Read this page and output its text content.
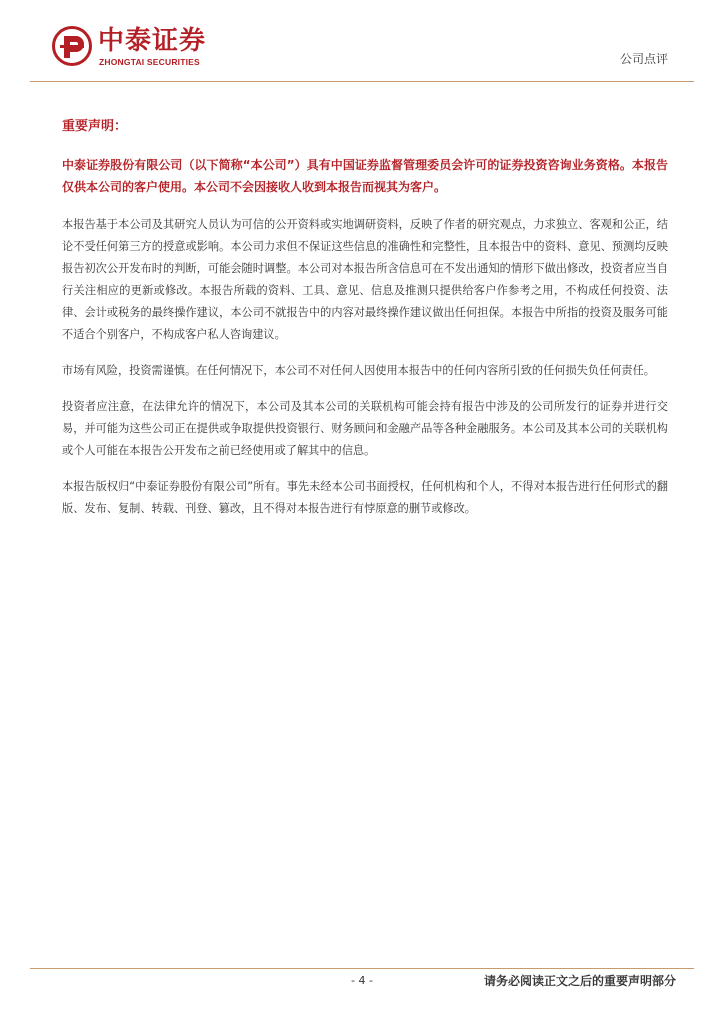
中泰证券
ZHONGTAI SECURITIES	公司点评
重要声明：

中泰证券股份有限公司（以下简称“本公司”）具有中国证券监督管理委员会许可的证券投资咨询业务资格。本报告仅供本公司的客户使用。本公司不会因接收人收到本报告而视其为客户。

本报告基于本公司及其研究人员认为可信的公开资料或实地调研资料，反映了作者的研究观点，力求独立、客观和公正，结论不受任何第三方的授意或影响。本公司力求但不保证这些信息的准确性和完整性，且本报告中的资料、意见、预测均反映报告初次公开发布时的判断，可能会随时调整。本公司对本报告所含信息可在不发出通知的情形下做出修改，投资者应当自行关注相应的更新或修改。本报告所载的资料、工具、意见、信息及推测只提供给客户作参考之用，不构成任何投资、法律、会计或税务的最终操作建议，本公司不就报告中的内容对最终操作建议做出任何担保。本报告中所指的投资及服务可能不适合个别客户，不构成客户私人咨询建议。

市场有风险，投资需谨慎。在任何情况下，本公司不对任何人因使用本报告中的任何内容所引致的任何损失负任何责任。

投资者应注意，在法律允许的情况下，本公司及其本公司的关联机构可能会持有报告中涉及的公司所发行的证券并进行交易，并可能为这些公司正在提供或争取提供投资银行、财务顾问和金融产品等各种金融服务。本公司及其本公司的关联机构或个人可能在本报告公开发布之前已经使用或了解其中的信息。

本报告版权归“中泰证券股份有限公司”所有。事先未经本公司书面授权，任何机构和个人，不得对本报告进行任何形式的翻版、发布、复制、转载、刊登、篡改，且不得对本报告进行有悖原意的删节或修改。

- 4 -	请务必阅读正文之后的重要声明部分
